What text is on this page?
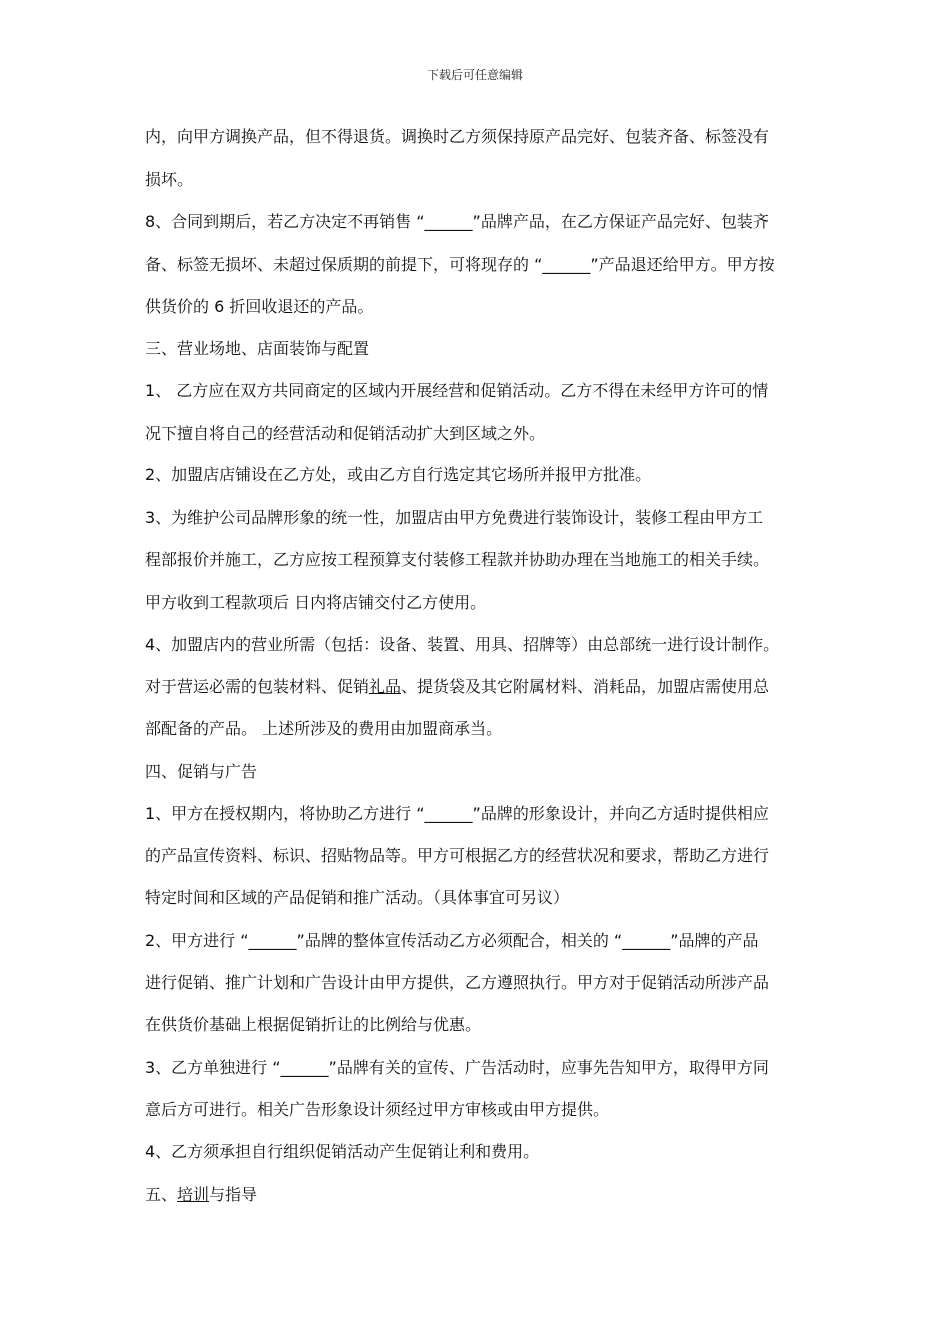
下载后可任意编辑
内，向甲方调换产品，但不得退货。调换时乙方须保持原产品完好、包装齐备、标签没有
损坏。
8、合同到期后，若乙方决定不再销售 “______”品牌产品，在乙方保证产品完好、包装齐
备、标签无损坏、未超过保质期的前提下，可将现存的 “______”产品退还给甲方。甲方按
供货价的 6 折回收退还的产品。
三、营业场地、店面装饰与配置
1、 乙方应在双方共同商定的区域内开展经营和促销活动。乙方不得在未经甲方许可的情
况下擅自将自己的经营活动和促销活动扩大到区域之外。
2、加盟店店铺设在乙方处，或由乙方自行选定其它场所并报甲方批准。
3、为维护公司品牌形象的统一性，加盟店由甲方免费进行装饰设计，装修工程由甲方工
程部报价并施工，乙方应按工程预算支付装修工程款并协助办理在当地施工的相关手续。
甲方收到工程款项后 日内将店铺交付乙方使用。
4、加盟店内的营业所需（包括：设备、装置、用具、招牌等）由总部统一进行设计制作。
对于营运必需的包装材料、促销礼品、提货袋及其它附属材料、消耗品，加盟店需使用总
部配备的产品。 上述所涉及的费用由加盟商承当。
四、促销与广告
1、甲方在授权期内，将协助乙方进行 “______”品牌的形象设计，并向乙方适时提供相应
的产品宣传资料、标识、招贴物品等。甲方可根据乙方的经营状况和要求，帮助乙方进行
特定时间和区域的产品促销和推广活动。（具体事宜可另议）
2、甲方进行 “______”品牌的整体宣传活动乙方必须配合，相关的 “______”品牌的产品
进行促销、推广计划和广告设计由甲方提供，乙方遵照执行。甲方对于促销活动所涉产品
在供货价基础上根据促销折让的比例给与优惠。
3、乙方单独进行 “______”品牌有关的宣传、广告活动时，应事先告知甲方，取得甲方同
意后方可进行。相关广告形象设计须经过甲方审核或由甲方提供。
4、乙方须承担自行组织促销活动产生促销让利和费用。
五、培训与指导
